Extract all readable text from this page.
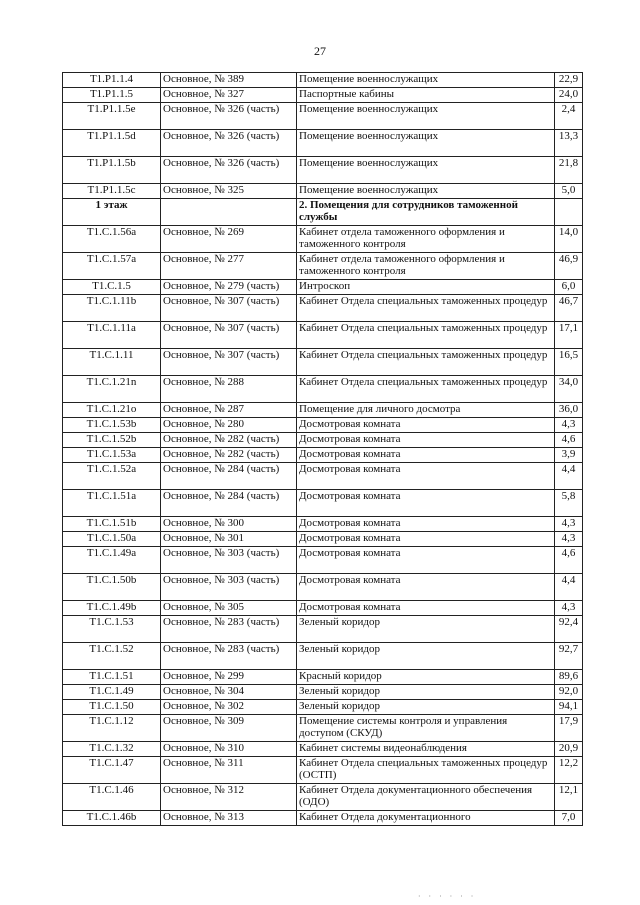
27
Т1.Р1.1.4	Основное, № 389	Помещение военнослужащих	22,9
Т1.Р1.1.5	Основное, № 327	Паспортные кабины	24,0
Т1.Р1.1.5е	Основное, № 326 (часть)	Помещение военнослужащих	2,4
Т1.Р1.1.5d	Основное, № 326 (часть)	Помещение военнослужащих	13,3
Т1.Р1.1.5b	Основное, № 326 (часть)	Помещение военнослужащих	21,8
Т1.Р1.1.5с	Основное, № 325	Помещение военнослужащих	5,0
1 этаж		2. Помещения для сотрудников таможенной службы	
Т1.С.1.56а	Основное, № 269	Кабинет отдела таможенного оформления и таможенного контроля	14,0
Т1.С.1.57а	Основное, № 277	Кабинет отдела таможенного оформления и таможенного контроля	46,9
Т1.С.1.5	Основное, № 279 (часть)	Интроскоп	6,0
Т1.С.1.11b	Основное, № 307 (часть)	Кабинет Отдела специальных таможенных процедур	46,7
Т1.С.1.11а	Основное, № 307 (часть)	Кабинет Отдела специальных таможенных процедур	17,1
Т1.С.1.11	Основное, № 307 (часть)	Кабинет Отдела специальных таможенных процедур	16,5
Т1.С.1.21n	Основное, № 288	Кабинет Отдела специальных таможенных процедур	34,0
Т1.С.1.21о	Основное, № 287	Помещение для личного досмотра	36,0
Т1.С.1.53b	Основное, № 280	Досмотровая комната	4,3
Т1.С.1.52b	Основное, № 282 (часть)	Досмотровая комната	4,6
Т1.С.1.53а	Основное, № 282 (часть)	Досмотровая комната	3,9
Т1.С.1.52а	Основное, № 284 (часть)	Досмотровая комната	4,4
Т1.С.1.51а	Основное, № 284 (часть)	Досмотровая комната	5,8
Т1.С.1.51b	Основное, № 300	Досмотровая комната	4,3
Т1.С.1.50а	Основное, № 301	Досмотровая комната	4,3
Т1.С.1.49а	Основное, № 303 (часть)	Досмотровая комната	4,6
Т1.С.1.50b	Основное, № 303 (часть)	Досмотровая комната	4,4
Т1.С.1.49b	Основное, № 305	Досмотровая комната	4,3
Т1.С.1.53	Основное, № 283 (часть)	Зеленый коридор	92,4
Т1.С.1.52	Основное, № 283 (часть)	Зеленый коридор	92,7
Т1.С.1.51	Основное, № 299	Красный коридор	89,6
Т1.С.1.49	Основное, № 304	Зеленый коридор	92,0
Т1.С.1.50	Основное, № 302	Зеленый коридор	94,1
Т1.С.1.12	Основное, № 309	Помещение системы контроля и управления доступом (СКУД)	17,9
Т1.С.1.32	Основное, № 310	Кабинет системы видеонаблюдения	20,9
Т1.С.1.47	Основное, № 311	Кабинет Отдела специальных таможенных процедур (ОСТП)	12,2
Т1.С.1.46	Основное, № 312	Кабинет Отдела документационного обеспечения (ОДО)	12,1
Т1.С.1.46b	Основное, № 313	Кабинет Отдела документационного	7,0
⋅ ⋅ ⋅ ⋅ ⋅ ⋅
